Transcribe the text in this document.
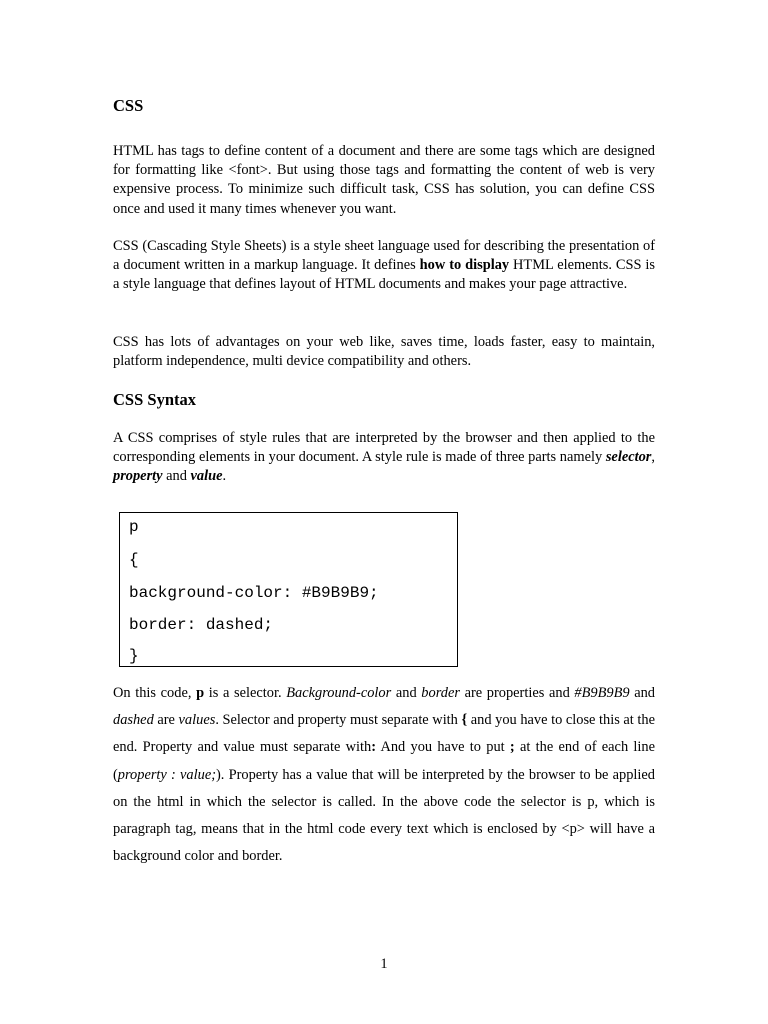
CSS

HTML has tags to define content of a document and there are some tags which are designed for formatting like <font>. But using those tags and formatting the content of web is very expensive process. To minimize such difficult task, CSS has solution, you can define CSS once and used it many times whenever you want.

CSS (Cascading Style Sheets) is a style sheet language used for describing the presentation of a document written in a markup language. It defines how to display HTML elements. CSS is a style language that defines layout of HTML documents and makes your page attractive.

CSS has lots of advantages on your web like, saves time, loads faster, easy to maintain, platform independence, multi device compatibility and others.

CSS Syntax

A CSS comprises of style rules that are interpreted by the browser and then applied to the corresponding elements in your document. A style rule is made of three parts namely selector, property and value.

p
{
background-color: #B9B9B9;
border: dashed;
}

On this code, p is a selector. Background-color and border are properties and #B9B9B9 and dashed are values. Selector and property must separate with { and you have to close this at the end. Property and value must separate with: And you have to put ; at the end of each line (property : value;). Property has a value that will be interpreted by the browser to be applied on the html in which the selector is called. In the above code the selector is p, which is paragraph tag, means that in the html code every text which is enclosed by <p> will have a background color and border.

1
